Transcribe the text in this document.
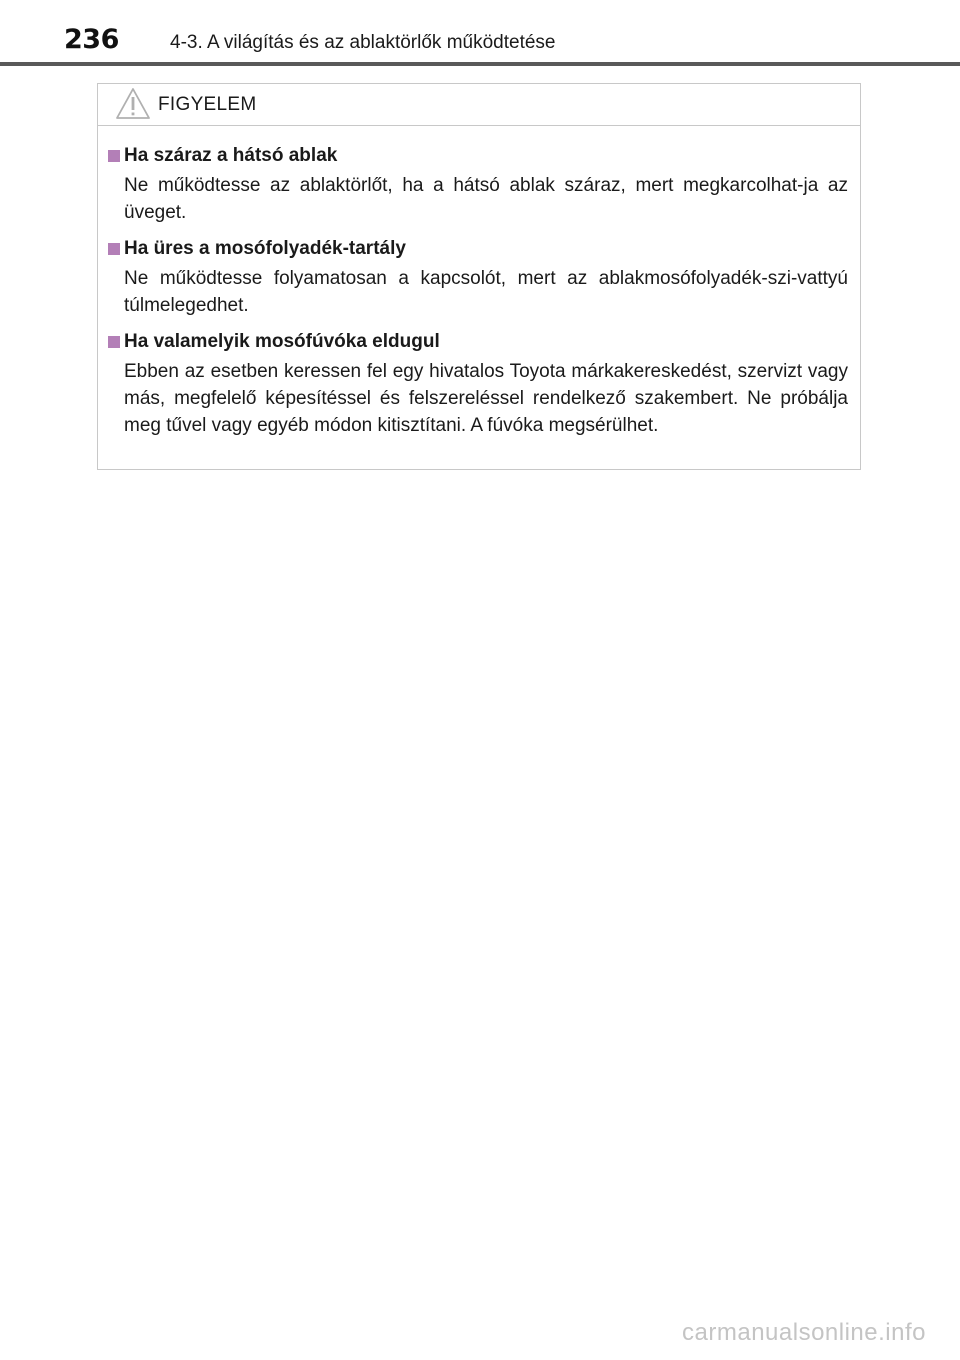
236	4-3. A világítás és az ablaktörlők működtetése
FIGYELEM
Ha száraz a hátsó ablak
Ne működtesse az ablaktörlőt, ha a hátsó ablak száraz, mert megkarcolhat-ja az üveget.
Ha üres a mosófolyadék-tartály
Ne működtesse folyamatosan a kapcsolót, mert az ablakmosófolyadék-szi-vattyú túlmelegedhet.
Ha valamelyik mosófúvóka eldugul
Ebben az esetben keressen fel egy hivatalos Toyota márkakereskedést, szervizt vagy más, megfelelő képesítéssel és felszereléssel rendelkező szakembert. Ne próbálja meg tűvel vagy egyéb módon kitisztítani. A fúvóka megsérülhet.
carmanualsonline.info
